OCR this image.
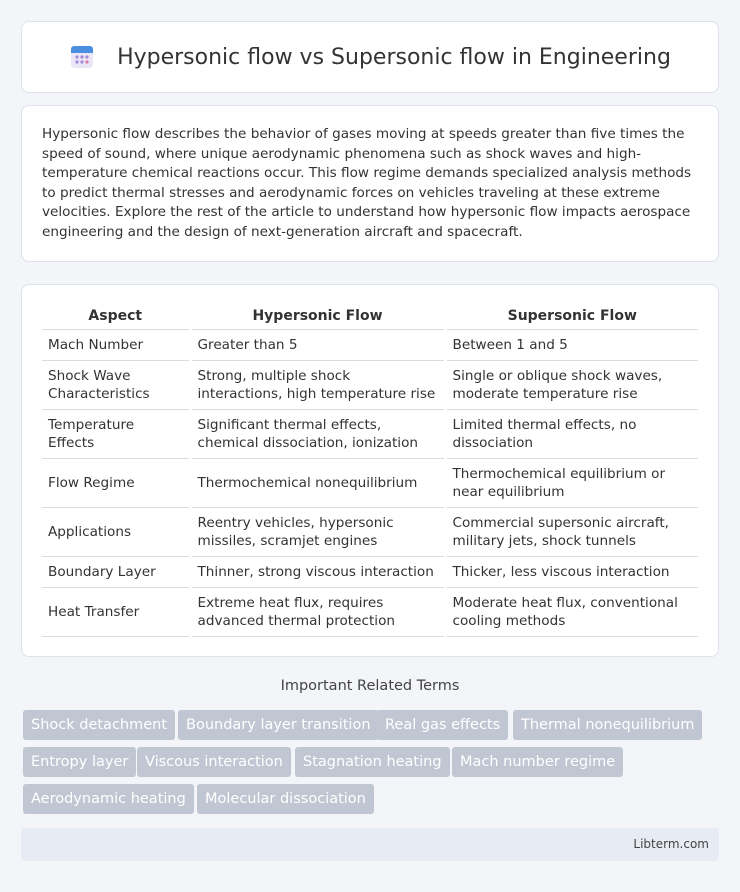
Hypersonic flow vs Supersonic flow in Engineering

Hypersonic flow describes the behavior of gases moving at speeds greater than five times the speed of sound, where unique aerodynamic phenomena such as shock waves and high-temperature chemical reactions occur. This flow regime demands specialized analysis methods to predict thermal stresses and aerodynamic forces on vehicles traveling at these extreme velocities. Explore the rest of the article to understand how hypersonic flow impacts aerospace engineering and the design of next-generation aircraft and spacecraft.

Aspect	Hypersonic Flow	Supersonic Flow
Mach Number	Greater than 5	Between 1 and 5
Shock Wave Characteristics	Strong, multiple shock interactions, high temperature rise	Single or oblique shock waves, moderate temperature rise
Temperature Effects	Significant thermal effects, chemical dissociation, ionization	Limited thermal effects, no dissociation
Flow Regime	Thermochemical nonequilibrium	Thermochemical equilibrium or near equilibrium
Applications	Reentry vehicles, hypersonic missiles, scramjet engines	Commercial supersonic aircraft, military jets, shock tunnels
Boundary Layer	Thinner, strong viscous interaction	Thicker, less viscous interaction
Heat Transfer	Extreme heat flux, requires advanced thermal protection	Moderate heat flux, conventional cooling methods
Important Related Terms
Shock detachment	Boundary layer transition Real gas effects	Thermal nonequilibrium
Entropy layer	Viscous interaction	Stagnation heating	Mach number regime
Aerodynamic heating	Molecular dissociation
Libterm.com
